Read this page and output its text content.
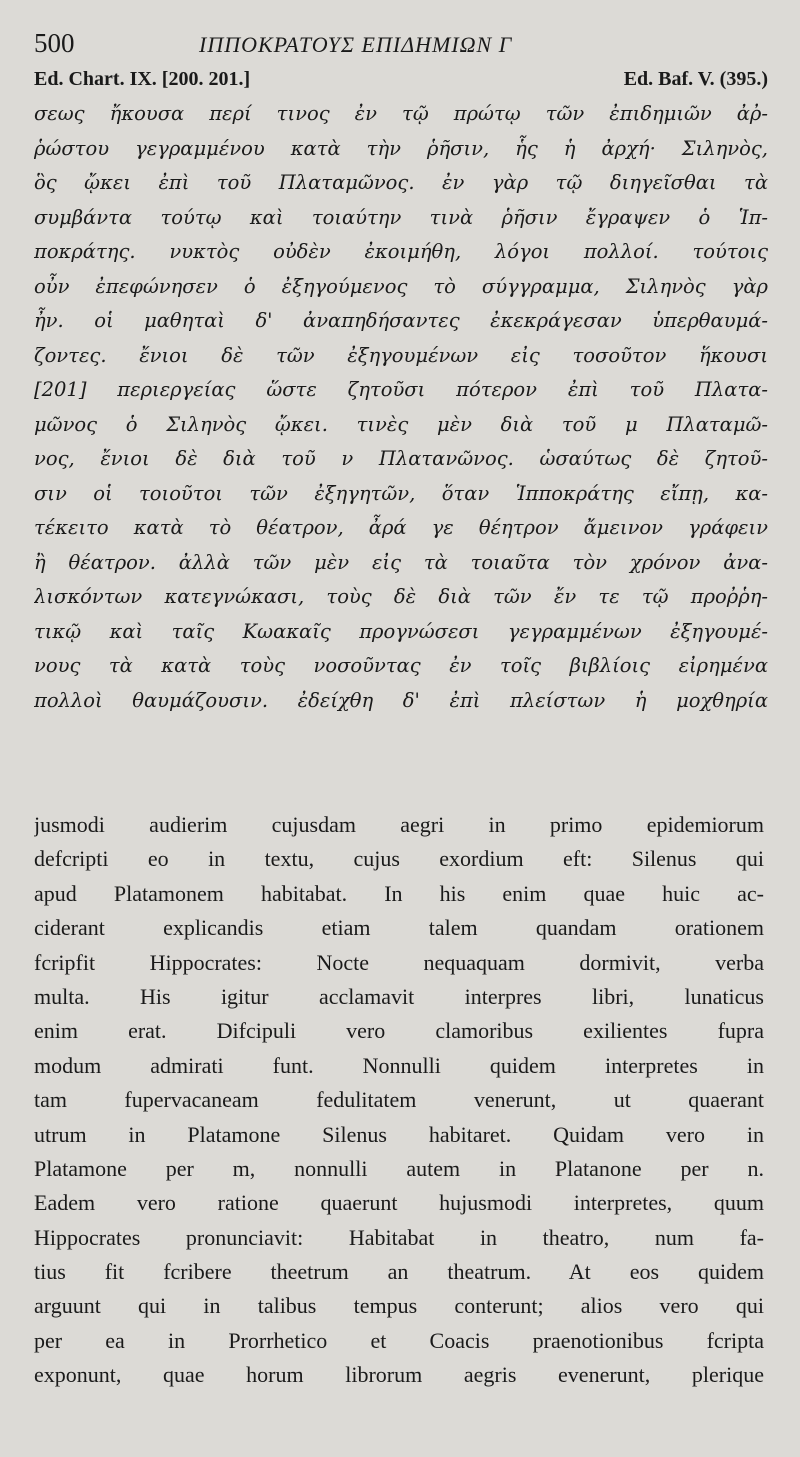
500	ΙΠΠΟΚΡΑΤΟΥΣ ΕΠΙΔΗΜΙΩΝ Γ
Ed. Chart. IX. [200. 201.]	Ed. Baf. V. (395.)
σεως ἤκουσα περί τινος ἐν τῷ πρώτῳ τῶν ἐπιδημιῶν ἀῤ-
ῥώστου γεγραμμένου κατὰ τὴν ῥῆσιν, ἧς ἡ ἀρχή· Σιληνὸς,
ὃς ᾤκει ἐπὶ τοῦ Πλαταμῶνος. ἐν γὰρ τῷ διηγεῖσθαι τὰ
συμβάντα τούτῳ καὶ τοιαύτην τινὰ ῥῆσιν ἔγραψεν ὁ Ἱπ-
ποκράτης. νυκτὸς οὐδὲν ἐκοιμήθη, λόγοι πολλοί. τούτοις
οὖν ἐπεφώνησεν ὁ ἐξηγούμενος τὸ σύγγραμμα, Σιληνὸς γὰρ
ἦν. οἱ μαθηταὶ δ' ἀναπηδήσαντες ἐκεκράγεσαν ὑπερθαυμά-
ζοντες. ἔνιοι δὲ τῶν ἐξηγουμένων εἰς τοσοῦτον ἥκουσι
[201] περιεργείας ὥστε ζητοῦσι πότερον ἐπὶ τοῦ Πλατα-
μῶνος ὁ Σιληνὸς ᾤκει. τινὲς μὲν διὰ τοῦ μ Πλαταμῶ-
νος, ἔνιοι δὲ διὰ τοῦ ν Πλατανῶνος. ὡσαύτως δὲ ζητοῦ-
σιν οἱ τοιοῦτοι τῶν ἐξηγητῶν, ὅταν Ἱπποκράτης εἴπῃ, κα-
τέκειτο κατὰ τὸ θέατρον, ἆρά γε θέητρον ἄμεινον γράφειν
ἢ θέατρον. ἀλλὰ τῶν μὲν εἰς τὰ τοιαῦτα τὸν χρόνον ἀνα-
λισκόντων κατεγνώκασι, τοὺς δὲ διὰ τῶν ἔν τε τῷ προῤῥη-
τικῷ καὶ ταῖς Κωακαῖς προγνώσεσι γεγραμμένων ἐξηγουμέ-
νους τὰ κατὰ τοὺς νοσοῦντας ἐν τοῖς βιβλίοις εἰρημένα
πολλοὶ θαυμάζουσιν. ἐδείχθη δ' ἐπὶ πλείστων ἡ μοχθηρία
jusmodi audierim cujusdam aegri in primo epidemiorum
defcripti eo in textu, cujus exordium eft: Silenus qui
apud Platamonem habitabat. In his enim quae huic ac-
ciderant explicandis etiam talem quandam orationem
fcripfit Hippocrates: Nocte nequaquam dormivit, verba
multa. His igitur acclamavit interpres libri, lunaticus
enim erat. Difcipuli vero clamoribus exilientes fupra
modum admirati funt. Nonnulli quidem interpretes in
tam fupervacaneam fedulitatem venerunt, ut quaerant
utrum in Platamone Silenus habitaret. Quidam vero in
Platamone per m, nonnulli autem in Platanone per n.
Eadem vero ratione quaerunt hujusmodi interpretes, quum
Hippocrates pronunciavit: Habitabat in theatro, num fa-
tius fit fcribere theetrum an theatrum. At eos quidem
arguunt qui in talibus tempus conterunt; alios vero qui
per ea in Prorrhetico et Coacis praenotionibus fcripta
exponunt, quae horum librorum aegris evenerunt, plerique
